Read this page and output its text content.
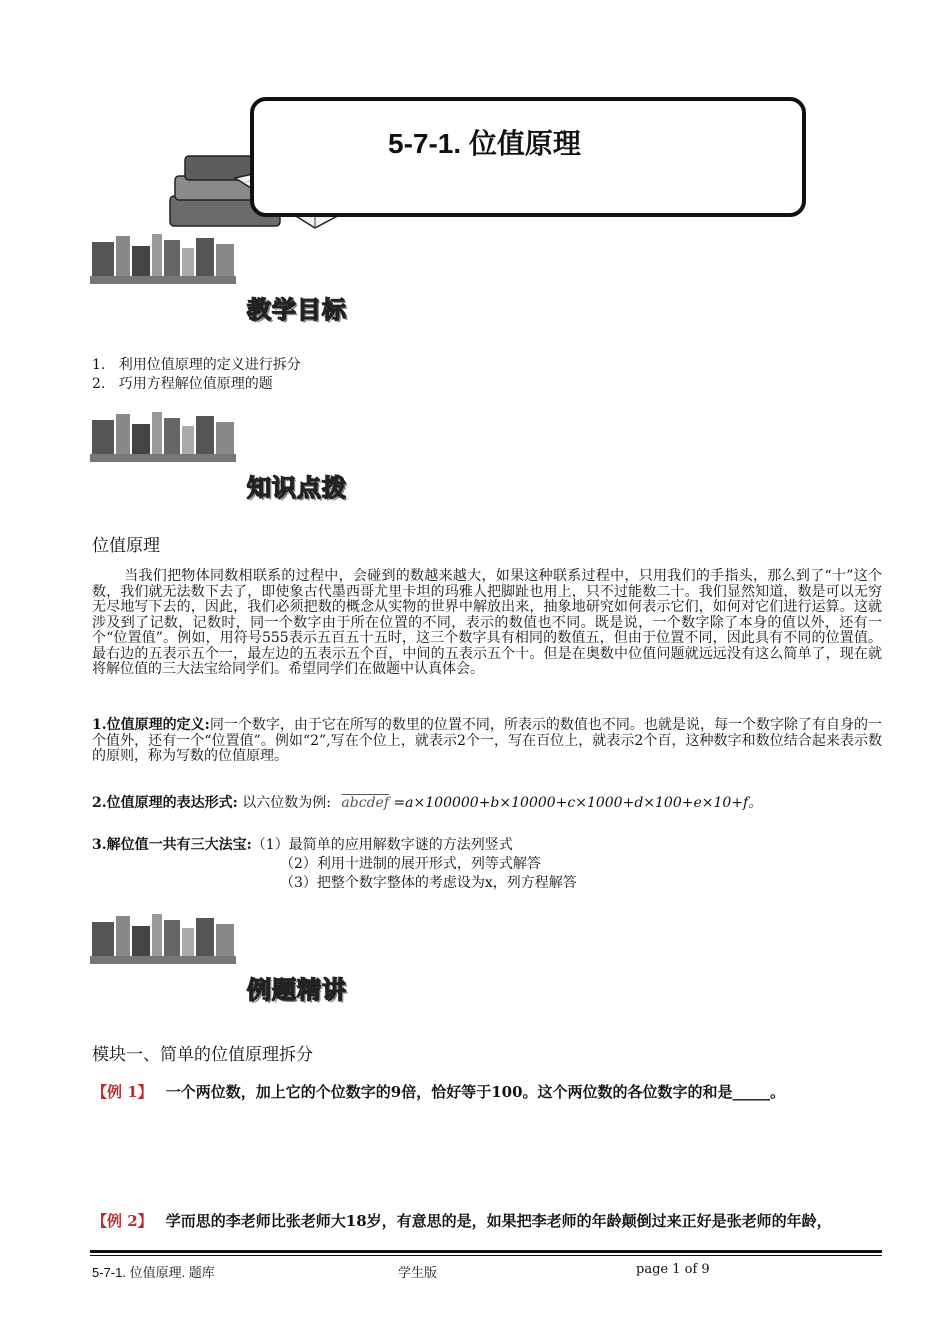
5-7-1. 位值原理
教学目标
1. 利用位值原理的定义进行拆分
2. 巧用方程解位值原理的题
知识点拨
位值原理
当我们把物体同数相联系的过程中，会碰到的数越来越大，如果这种联系过程中，只用我们的手指头，那么到了“十”这个数，我们就无法数下去了，即使象古代墨西哥尤里卡坦的玛雅人把脚趾也用上，只不过能数二十。我们显然知道，数是可以无穷无尽地写下去的，因此，我们必须把数的概念从实物的世界中解放出来，抽象地研究如何表示它们，如何对它们进行运算。这就涉及到了记数，记数时，同一个数字由于所在位置的不同，表示的数值也不同。既是说，一个数字除了本身的值以外，还有一个“位置值”。例如，用符号555表示五百五十五时，这三个数字具有相同的数值五，但由于位置不同，因此具有不同的位置值。最右边的五表示五个一，最左边的五表示五个百，中间的五表示五个十。但是在奥数中位值问题就远远没有这么简单了，现在就将解位值的三大法宝给同学们。希望同学们在做题中认真体会。
1.位值原理的定义:同一个数字，由于它在所写的数里的位置不同，所表示的数值也不同。也就是说，每一个数字除了有自身的一个值外，还有一个“位置值”。例如“2”,写在个位上，就表示2个一，写在百位上，就表示2个百，这种数字和数位结合起来表示数的原则，称为写数的位值原理。
2.位值原理的表达形式: 以六位数为例: abcdef =a×100000+b×10000+c×1000+d×100+e×10+f。
3.解位值一共有三大法宝:（1）最简单的应用解数字谜的方法列竖式
（2）利用十进制的展开形式，列等式解答
（3）把整个数字整体的考虑设为x，列方程解答
例题精讲
模块一、简单的位值原理拆分
【例 1】 一个两位数，加上它的个位数字的9倍，恰好等于100。这个两位数的各位数字的和是_____。
【例 2】 学而思的李老师比张老师大18岁，有意思的是，如果把李老师的年龄颠倒过来正好是张老师的年龄，
5-7-1. 位值原理. 题库	学生版	page 1 of 9
